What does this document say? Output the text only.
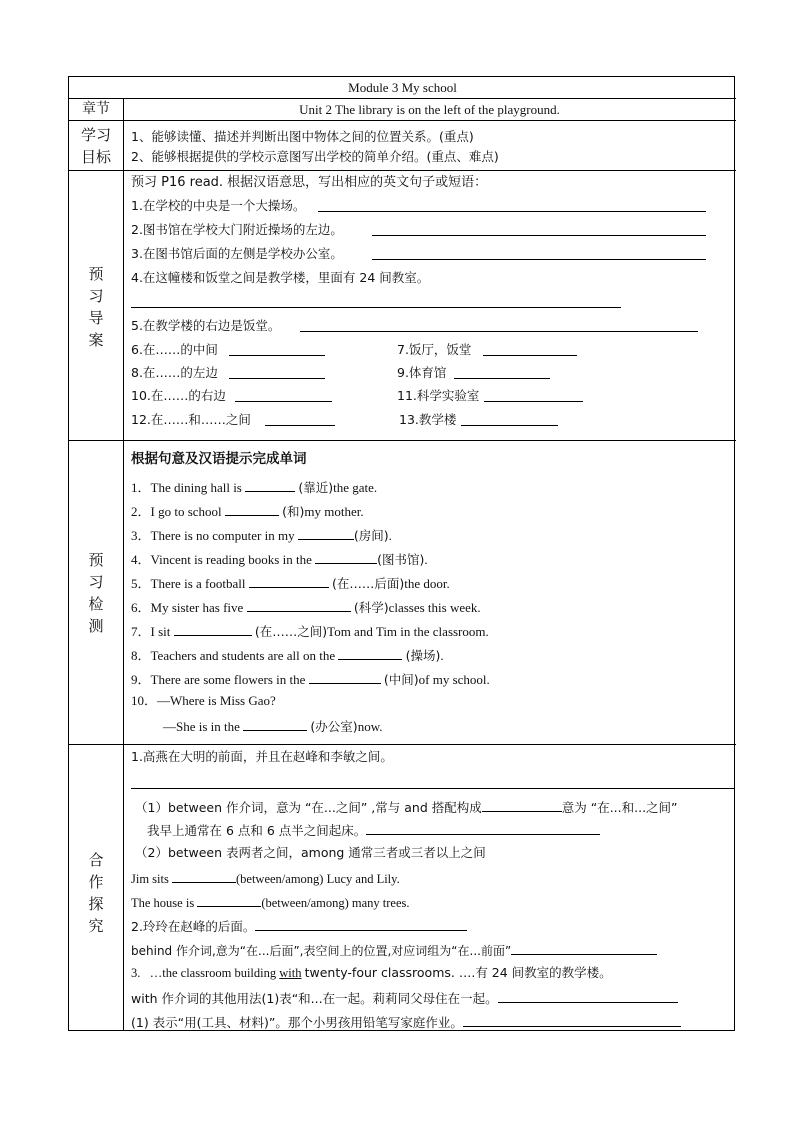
Module 3 My school
章节	Unit 2 The library is on the left of the playground.
学习
目标
1、能够读懂、描述并判断出图中物体之间的位置关系。(重点)
2、能够根据提供的学校示意图写出学校的简单介绍。(重点、难点)
预
习
导
案
预习 P16 read. 根据汉语意思，写出相应的英文句子或短语：
1.在学校的中央是一个大操场。
2.图书馆在学校大门附近操场的左边。
3.在图书馆后面的左侧是学校办公室。
4.在这幢楼和饭堂之间是教学楼，里面有 24 间教室。
5.在教学楼的右边是饭堂。
6.在……的中间	7.饭厅，饭堂
8.在……的左边	9.体育馆
10.在……的右边	11.科学实验室
12.在……和……之间	13.教学楼
预
习
检
测
根据句意及汉语提示完成单词
1．The dining hall is	(靠近)the gate.
2．I go to school	(和)my mother.
3．There is no computer in my	(房间).
4．Vincent is reading books in the	(图书馆).
5．There is a football	(在……后面)the door.
6．My sister has five	(科学)classes this week.
7．I sit	(在……之间)Tom and Tim in the classroom.
8．Teachers and students are all on the	(操场).
9．There are some flowers in the	(中间)of my school.
10．—Where is Miss Gao?
—She is in the	(办公室)now.
合
作
探
究
1.高燕在大明的前面，并且在赵峰和李敏之间。
（1）between 作介词，意为 “在...之间” ,常与 and 搭配构成	意为 “在...和...之间”
我早上通常在 6 点和 6 点半之间起床。
（2）between 表两者之间，among 通常三者或三者以上之间
Jim sits	(between/among) Lucy and Lily.
The house is	(between/among) many trees.
2.玲玲在赵峰的后面。
behind 作介词,意为“在...后面”,表空间上的位置,对应词组为“在...前面”
3. …the classroom building with twenty-four classrooms. ….有 24 间教室的教学楼。
with 作介词的其他用法(1)表“和...在一起。莉莉同父母住在一起。
(1) 表示“用(工具、材料)”。那个小男孩用铅笔写家庭作业。
